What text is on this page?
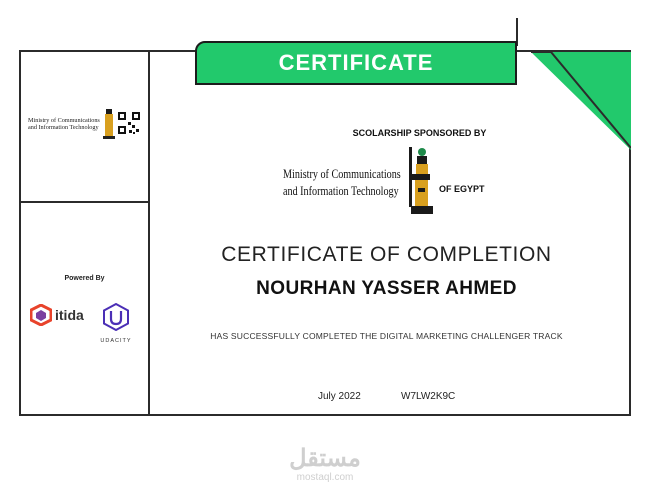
CERTIFICATE
Ministry of Communications
and Information Technology
Powered By
itida
UDACITY
SCOLARSHIP SPONSORED BY
Ministry of Communications
and Information Technology	OF EGYPT
CERTIFICATE OF COMPLETION
NOURHAN YASSER AHMED
HAS SUCCESSFULLY COMPLETED THE DIGITAL MARKETING CHALLENGER TRACK
July 2022	W7LW2K9C
مستقل
mostaql.com
